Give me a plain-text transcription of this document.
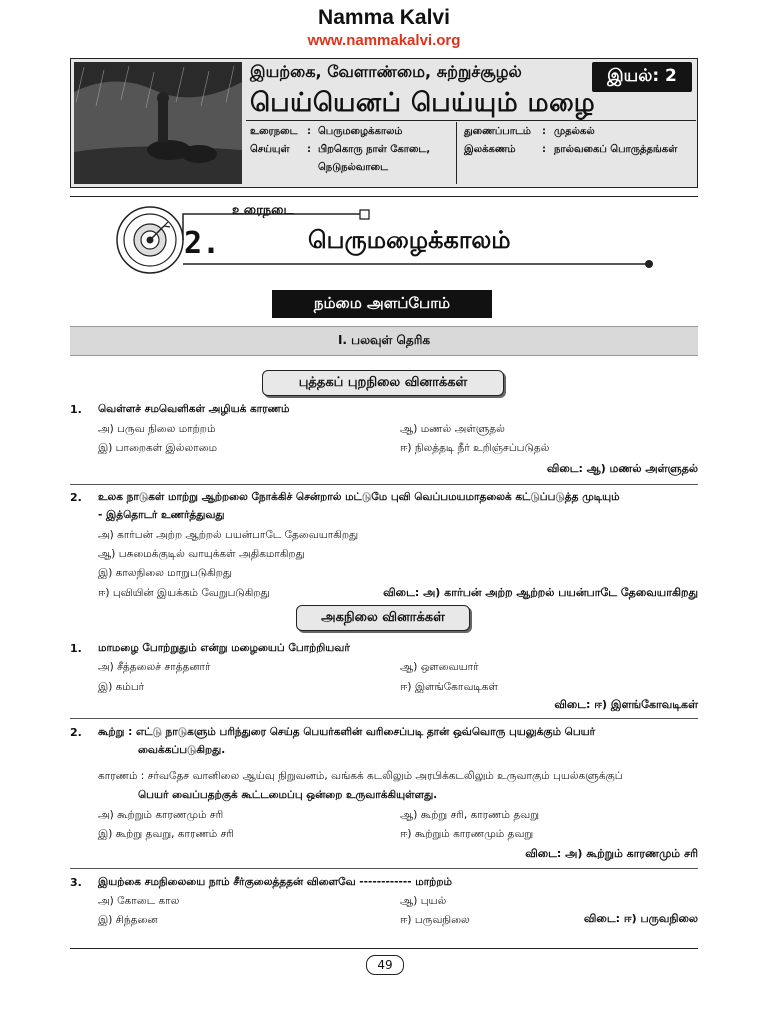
Namma Kalvi
www.nammakalvi.org
இயற்கை, வேளாண்மை, சுற்றுச்சூழல்	இயல்: 2
பெய்யெனப் பெய்யும் மழை
உரைநடை : பெருமழைக்காலம்
செய்யுள் : பிறகொரு நாள் கோடை,
நெடுநல்வாடை
துணைப்பாடம் : முதல்கல்
இலக்கணம்	: நால்வகைப் பொருத்தங்கள்
உரைநடை
2.	பெருமழைக்காலம்
நம்மை அளப்போம்
I. பலவுள் தெரிக
புத்தகப் புறநிலை வினாக்கள்
1. வெள்ளச் சமவெளிகள் அழியக் காரணம்
அ) பருவ நிலை மாற்றம்	ஆ) மணல் அள்ளுதல்
இ) பாறைகள் இல்லாமை	ஈ) நிலத்தடி நீர் உறிஞ்சப்படுதல்
விடை: ஆ) மணல் அள்ளுதல்
2. உலக நாடுகள் மாற்று ஆற்றலை நோக்கிச் சென்றால் மட்டுமே புவி வெப்பமயமாதலைக் கட்டுப்படுத்த முடியும்
- இத்தொடர் உணர்த்துவது
அ) கார்பன் அற்ற ஆற்றல் பயன்பாடே தேவையாகிறது
ஆ) பசுமைக்குடில் வாயுக்கள் அதிகமாகிறது
இ) காலநிலை மாறுபடுகிறது
ஈ) புவியின் இயக்கம் வேறுபடுகிறது	விடை: அ) கார்பன் அற்ற ஆற்றல் பயன்பாடே தேவையாகிறது
அகநிலை வினாக்கள்
1. மாமழை போற்றுதும் என்று மழையைப் போற்றியவர்
அ) சீத்தலைச் சாத்தனார்	ஆ) ஔவையார்
இ) கம்பர்	ஈ) இளங்கோவடிகள்
விடை: ஈ) இளங்கோவடிகள்
2. கூற்று : எட்டு நாடுகளும் பரிந்துரை செய்த பெயர்களின் வரிசைப்படி தான் ஒவ்வொரு புயலுக்கும் பெயர்
வைக்கப்படுகிறது.
காரணம் : சர்வதேச வானிலை ஆய்வு நிறுவனம், வங்கக் கடலிலும் அரபிக்கடலிலும் உருவாகும் புயல்களுக்குப்
பெயர் வைப்பதற்குக் கூட்டமைப்பு ஒன்றை உருவாக்கியுள்ளது.
அ) கூற்றும் காரணமும் சரி	ஆ) கூற்று சரி, காரணம் தவறு
இ) கூற்று தவறு, காரணம் சரி	ஈ) கூற்றும் காரணமும் தவறு
விடை: அ) கூற்றும் காரணமும் சரி
3. இயற்கை சமநிலையை நாம் சீர்குலைத்ததன் விளைவே ------------ மாற்றம்
அ) கோடை கால	ஆ) புயல்
இ) சிந்தனை	ஈ) பருவநிலை	விடை: ஈ) பருவநிலை
49
